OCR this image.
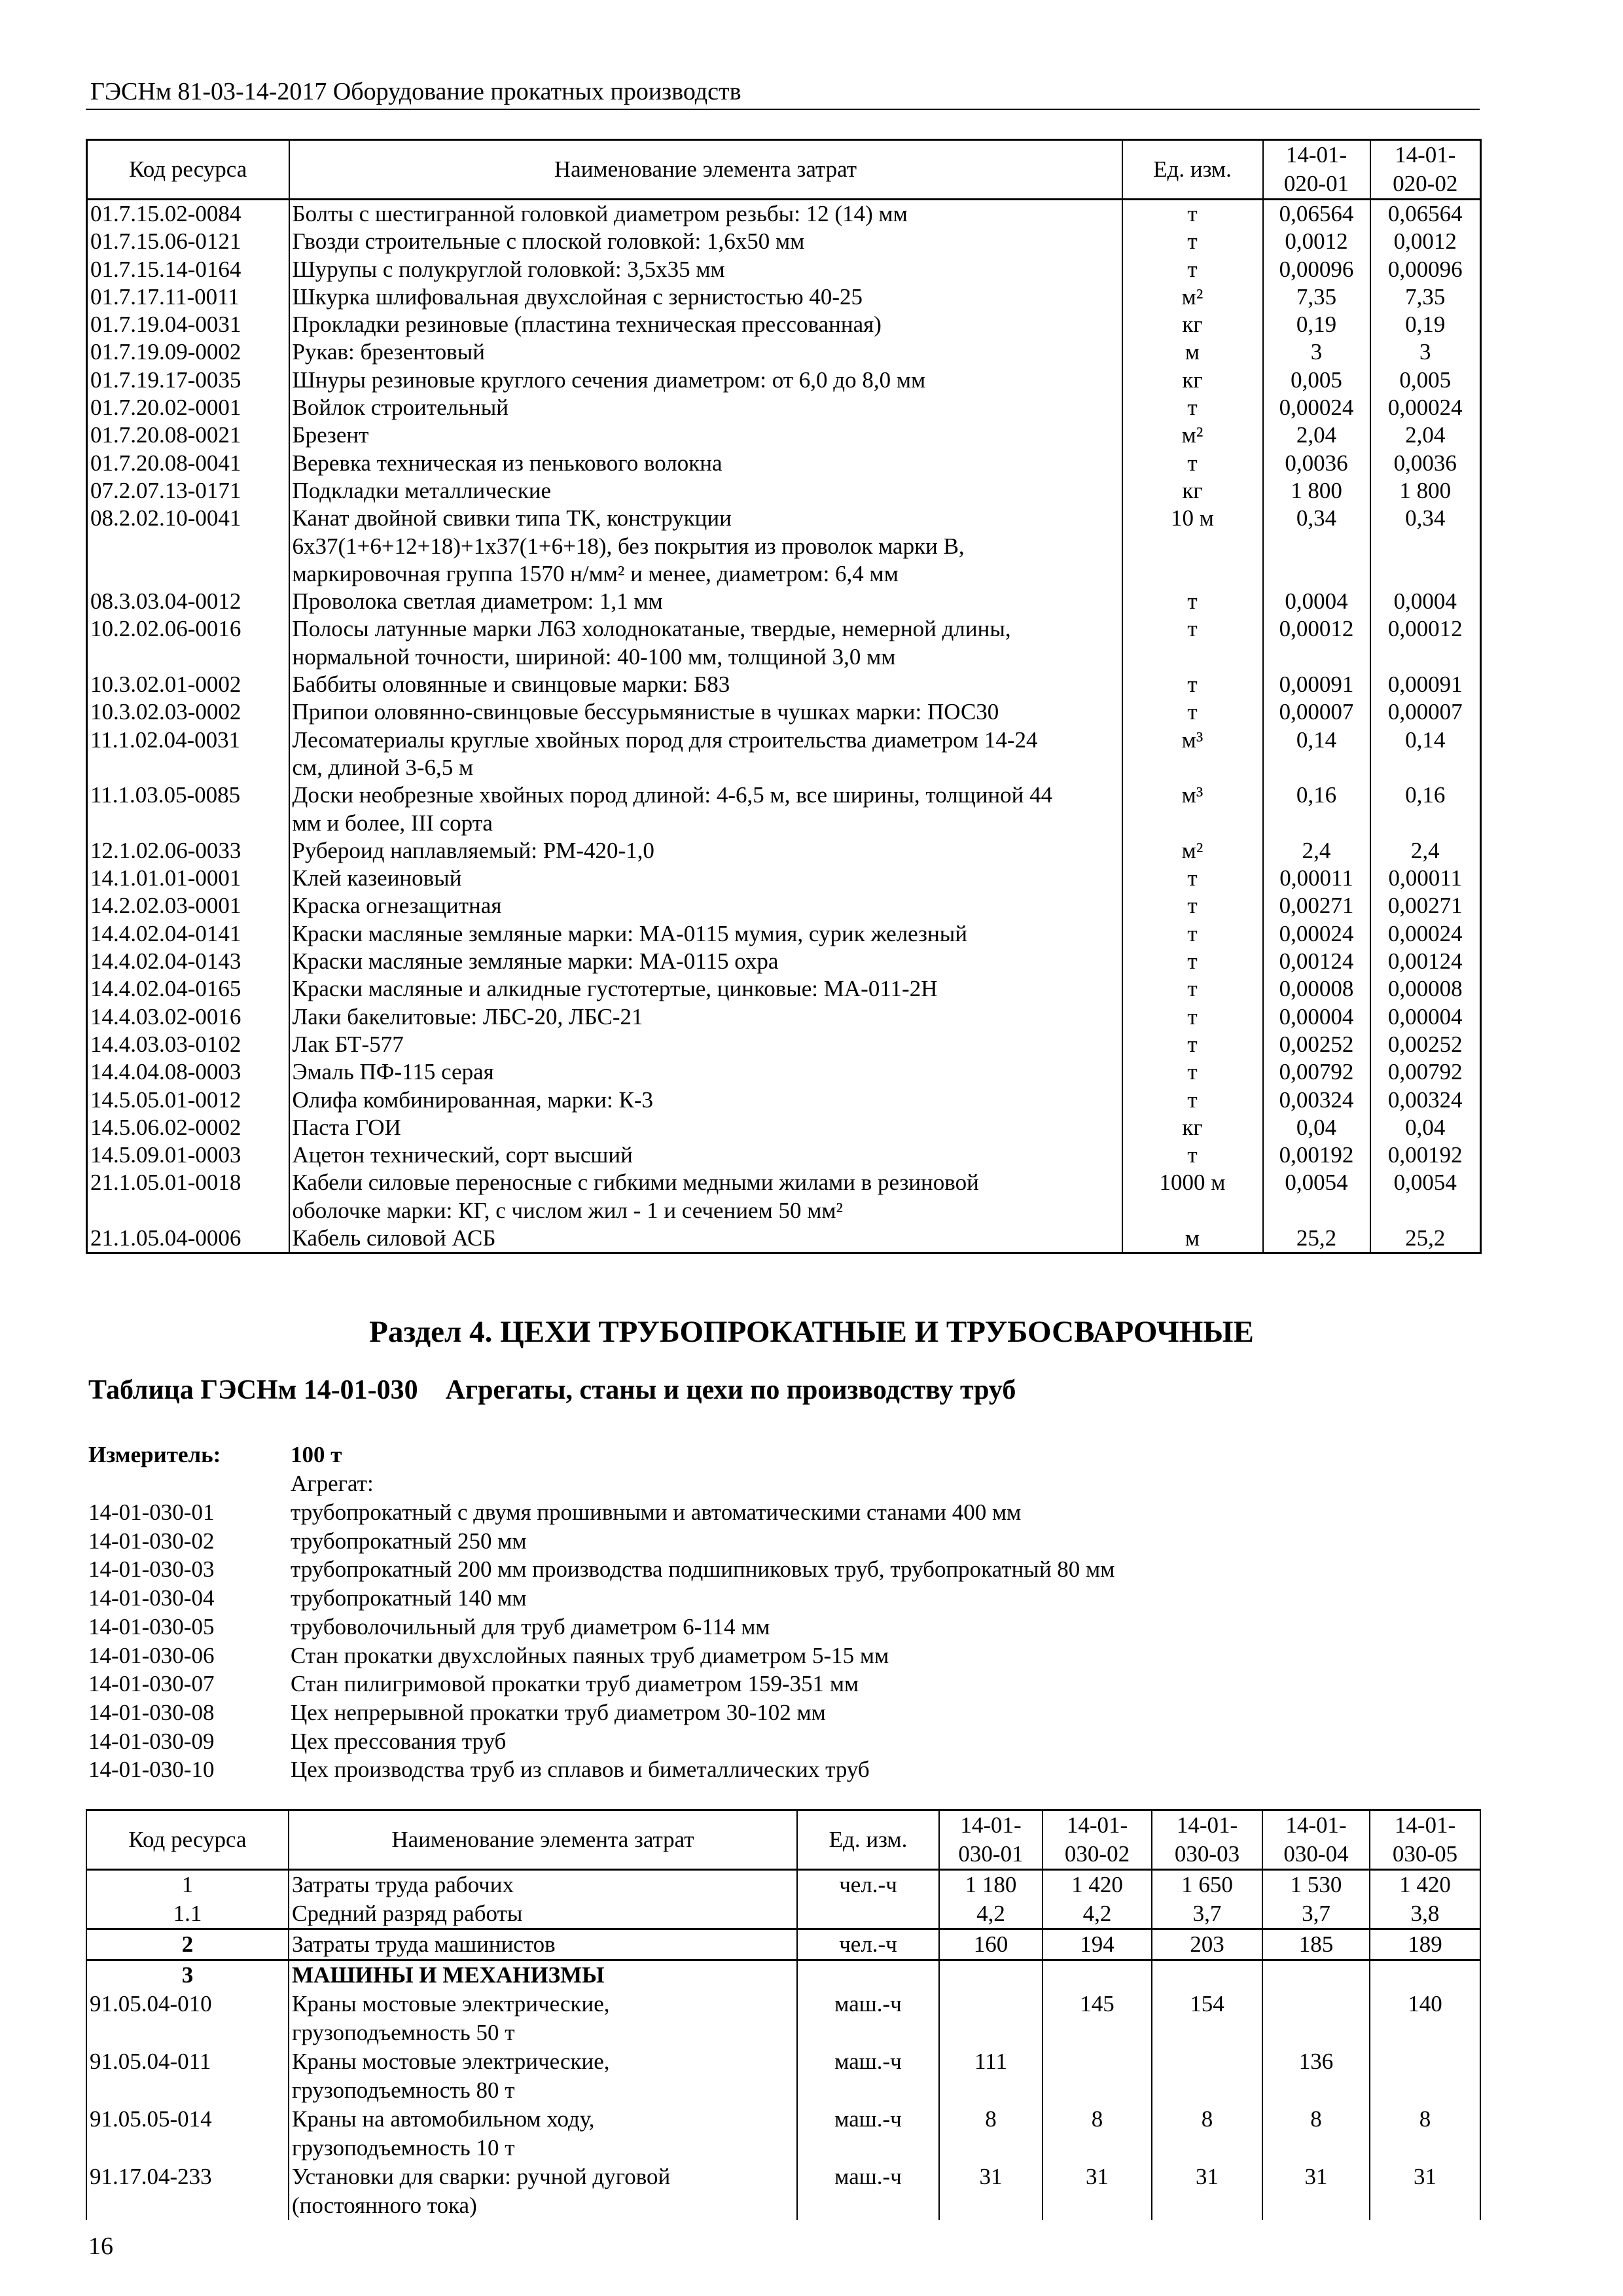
ГЭСНм 81-03-14-2017 Оборудование прокатных производств
Код ресурса	Наименование элемента затрат	Ед. изм.	14-01-
020-01	14-01-
020-02
01.7.15.02-0084	Болты с шестигранной головкой диаметром резьбы: 12 (14) мм	т	0,06564	0,06564
01.7.15.06-0121	Гвозди строительные с плоской головкой: 1,6х50 мм	т	0,0012	0,0012
01.7.15.14-0164	Шурупы с полукруглой головкой: 3,5х35 мм	т	0,00096	0,00096
01.7.17.11-0011	Шкурка шлифовальная двухслойная с зернистостью 40-25	м²	7,35	7,35
01.7.19.04-0031	Прокладки резиновые (пластина техническая прессованная)	кг	0,19	0,19
01.7.19.09-0002	Рукав: брезентовый	м	3	3
01.7.19.17-0035	Шнуры резиновые круглого сечения диаметром: от 6,0 до 8,0 мм	кг	0,005	0,005
01.7.20.02-0001	Войлок строительный	т	0,00024	0,00024
01.7.20.08-0021	Брезент	м²	2,04	2,04
01.7.20.08-0041	Веревка техническая из пенькового волокна	т	0,0036	0,0036
07.2.07.13-0171	Подкладки металлические	кг	1 800	1 800
08.2.02.10-0041	Канат двойной свивки типа ТК, конструкции
6x37(1+6+12+18)+1x37(1+6+18), без покрытия из проволок марки В,
маркировочная группа 1570 н/мм² и менее, диаметром: 6,4 мм	10 м	0,34	0,34
08.3.03.04-0012	Проволока светлая диаметром: 1,1 мм	т	0,0004	0,0004
10.2.02.06-0016	Полосы латунные марки Л63 холоднокатаные, твердые, немерной длины,
нормальной точности, шириной: 40-100 мм, толщиной 3,0 мм	т	0,00012	0,00012
10.3.02.01-0002	Баббиты оловянные и свинцовые марки: Б83	т	0,00091	0,00091
10.3.02.03-0002	Припои оловянно-свинцовые бессурьмянистые в чушках марки: ПОС30	т	0,00007	0,00007
11.1.02.04-0031	Лесоматериалы круглые хвойных пород для строительства диаметром 14-24
см, длиной 3-6,5 м	м³	0,14	0,14
11.1.03.05-0085	Доски необрезные хвойных пород длиной: 4-6,5 м, все ширины, толщиной 44
мм и более, III сорта	м³	0,16	0,16
12.1.02.06-0033	Рубероид наплавляемый: РМ-420-1,0	м²	2,4	2,4
14.1.01.01-0001	Клей казеиновый	т	0,00011	0,00011
14.2.02.03-0001	Краска огнезащитная	т	0,00271	0,00271
14.4.02.04-0141	Краски масляные земляные марки: МА-0115 мумия, сурик железный	т	0,00024	0,00024
14.4.02.04-0143	Краски масляные земляные марки: МА-0115 охра	т	0,00124	0,00124
14.4.02.04-0165	Краски масляные и алкидные густотертые, цинковые: МА-011-2Н	т	0,00008	0,00008
14.4.03.02-0016	Лаки бакелитовые: ЛБС-20, ЛБС-21	т	0,00004	0,00004
14.4.03.03-0102	Лак БТ-577	т	0,00252	0,00252
14.4.04.08-0003	Эмаль ПФ-115 серая	т	0,00792	0,00792
14.5.05.01-0012	Олифа комбинированная, марки: К-3	т	0,00324	0,00324
14.5.06.02-0002	Паста ГОИ	кг	0,04	0,04
14.5.09.01-0003	Ацетон технический, сорт высший	т	0,00192	0,00192
21.1.05.01-0018	Кабели силовые переносные с гибкими медными жилами в резиновой
оболочке марки: КГ, с числом жил - 1 и сечением 50 мм²	1000 м	0,0054	0,0054
21.1.05.04-0006	Кабель силовой АСБ	м	25,2	25,2
Раздел 4. ЦЕХИ ТРУБОПРОКАТНЫЕ И ТРУБОСВАРОЧНЫЕ
Таблица ГЭСНм 14-01-030    Агрегаты, станы и цехи по производству труб
Измеритель:	100 т
Агрегат:
14-01-030-01	трубопрокатный с двумя прошивными и автоматическими станами 400 мм
14-01-030-02	трубопрокатный 250 мм
14-01-030-03	трубопрокатный 200 мм производства подшипниковых труб, трубопрокатный 80 мм
14-01-030-04	трубопрокатный 140 мм
14-01-030-05	трубоволочильный для труб диаметром 6-114 мм
14-01-030-06	Стан прокатки двухслойных паяных труб диаметром 5-15 мм
14-01-030-07	Стан пилигримовой прокатки труб диаметром 159-351 мм
14-01-030-08	Цех непрерывной прокатки труб диаметром 30-102 мм
14-01-030-09	Цех прессования труб
14-01-030-10	Цех производства труб из сплавов и биметаллических труб
Код ресурса	Наименование элемента затрат	Ед. изм.	14-01-
030-01	14-01-
030-02	14-01-
030-03	14-01-
030-04	14-01-
030-05
1	Затраты труда рабочих	чел.-ч	1 180	1 420	1 650	1 530	1 420
1.1	Средний разряд работы		4,2	4,2	3,7	3,7	3,8
2	Затраты труда машинистов	чел.-ч	160	194	203	185	189
3	МАШИНЫ И МЕХАНИЗМЫ						
91.05.04-010	Краны мостовые электрические,
грузоподъемность 50 т	маш.-ч		145	154		140
91.05.04-011	Краны мостовые электрические,
грузоподъемность 80 т	маш.-ч	111			136	
91.05.05-014	Краны на автомобильном ходу,
грузоподъемность 10 т	маш.-ч	8	8	8	8	8
91.17.04-233	Установки для сварки: ручной дуговой
(постоянного тока)	маш.-ч	31	31	31	31	31
16
